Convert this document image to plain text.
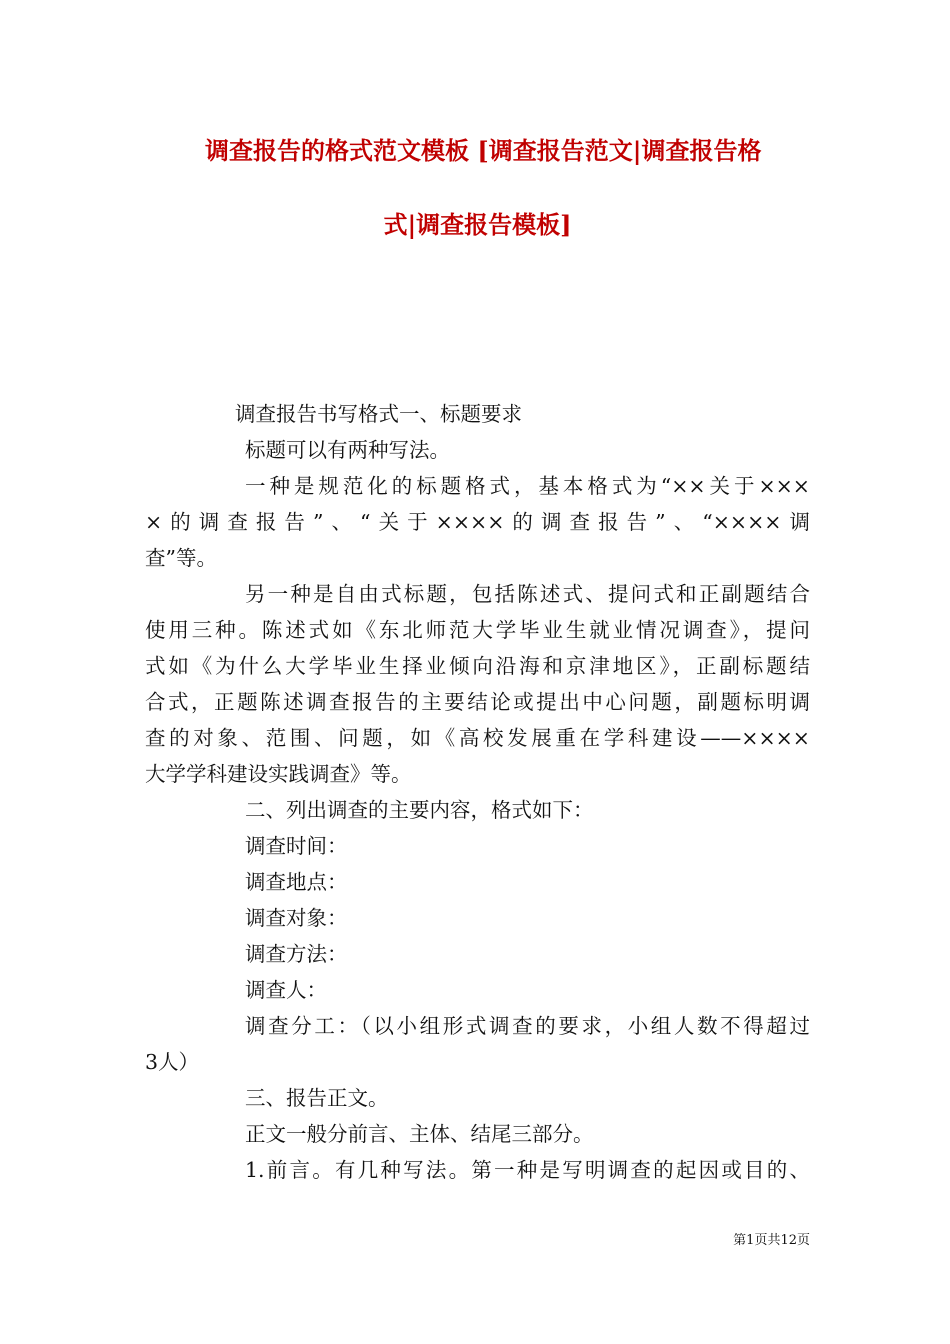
调查报告的格式范文模板 [调查报告范文|调查报告格
式|调查报告模板]
调查报告书写格式一、标题要求
标题可以有两种写法。
一种是规范化的标题格式，基本格式为“××关于×××
×的调查报告”、“关于××××的调查报告”、“××××调
查”等。
另一种是自由式标题，包括陈述式、提问式和正副题结合
使用三种。陈述式如《东北师范大学毕业生就业情况调查》，提问
式如《为什么大学毕业生择业倾向沿海和京津地区》，正副标题结
合式，正题陈述调查报告的主要结论或提出中心问题，副题标明调
查的对象、范围、问题，如《高校发展重在学科建设——××××
大学学科建设实践调查》等。
二、列出调查的主要内容，格式如下：
调查时间：
调查地点：
调查对象：
调查方法：
调查人：
调查分工：（以小组形式调查的要求，小组人数不得超过
3人）
三、报告正文。
正文一般分前言、主体、结尾三部分。
1.前言。有几种写法。第一种是写明调查的起因或目的、
第1页共12页
